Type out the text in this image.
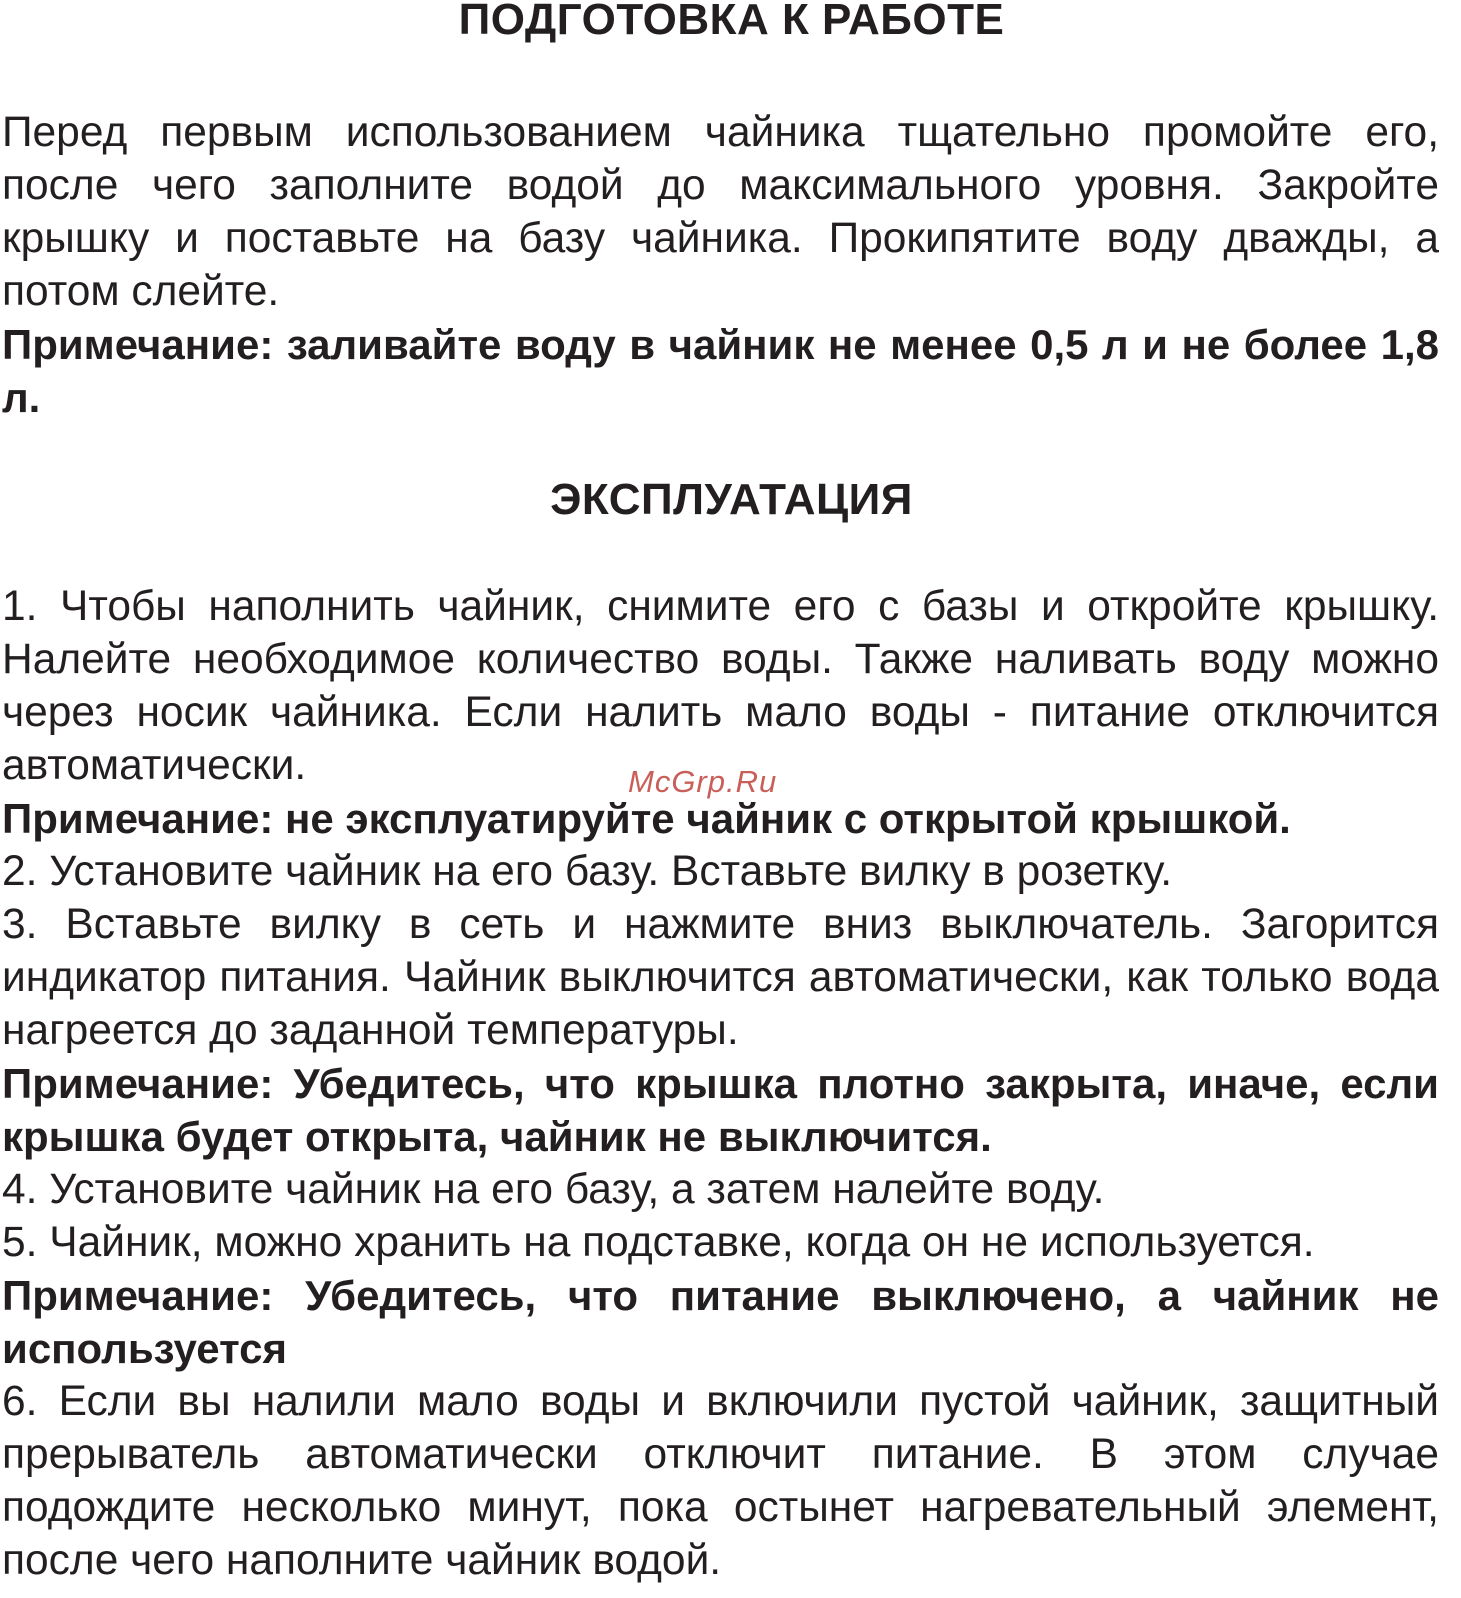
ПОДГОТОВКА К РАБОТЕ

Перед первым использованием чайника тщательно промойте его, после чего заполните водой до максимального уровня. Закройте крышку и поставьте на базу чайника. Прокипятите воду дважды, а потом слейте.

Примечание: заливайте воду в чайник не менее 0,5 л и не более 1,8 л.

ЭКСПЛУАТАЦИЯ

1. Чтобы наполнить чайник, снимите его с базы и откройте крышку. Налейте необходимое количество воды. Также наливать воду можно через носик чайника. Если налить мало воды - питание отключится автоматически.

Примечание: не эксплуатируйте чайник с открытой крышкой.

2. Установите чайник на его базу. Вставьте вилку в розетку.

3. Вставьте вилку в сеть и нажмите вниз выключатель. Загорится индикатор питания. Чайник выключится автоматически, как только вода нагреется до заданной температуры.

Примечание: Убедитесь, что крышка плотно закрыта, иначе, если крышка будет открыта, чайник не выключится.

4. Установите чайник на его базу, а затем налейте воду.

5. Чайник, можно хранить на подставке, когда он не используется.

Примечание: Убедитесь, что питание выключено, а чайник не используется

6. Если вы налили мало воды и включили пустой чайник, защитный прерыватель автоматически отключит питание. В этом случае подождите несколько минут, пока остынет нагревательный элемент, после чего наполните чайник водой.

McGrp.Ru
